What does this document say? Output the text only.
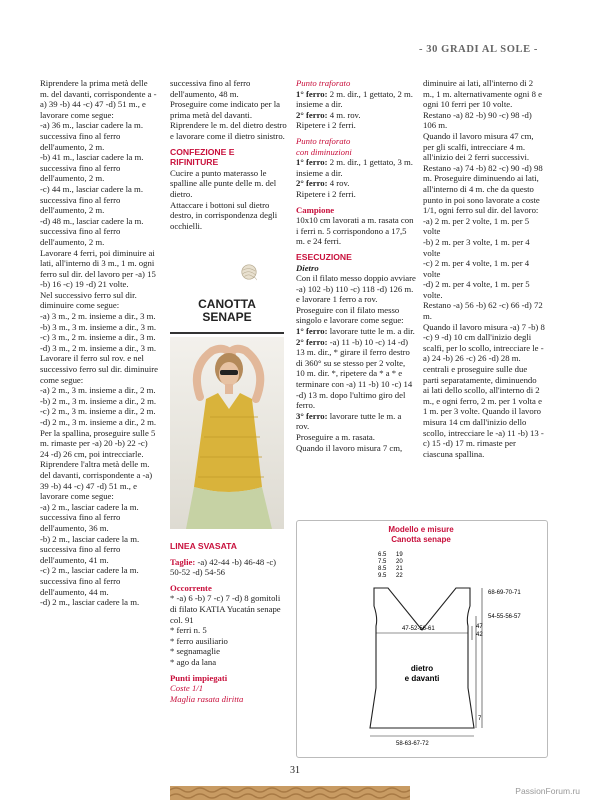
- 30 GRADI AL SOLE -

Riprendere la prima metà delle m. del davanti, corrispondente a -a) 39 -b) 44 -c) 47 -d) 51 m., e lavorare come segue:

-a) 36 m., lasciar cadere la m. successiva fino al ferro dell'aumento, 2 m.

-b) 41 m., lasciar cadere la m. successiva fino al ferro dell'aumento, 2 m.

-c) 44 m., lasciar cadere la m. successiva fino al ferro dell'aumento, 2 m.

-d) 48 m., lasciar cadere la m. successiva fino al ferro dell'aumento, 2 m.

Lavorare 4 ferri, poi diminuire ai lati, all'interno di 3 m., 1 m. ogni ferro sul dir. del lavoro per -a) 15 -b) 16 -c) 19 -d) 21 volte.

Nel successivo ferro sul dir. diminuire come segue:

-a) 3 m., 2 m. insieme a dir., 3 m.

-b) 3 m., 3 m. insieme a dir., 3 m.

-c) 3 m., 2 m. insieme a dir., 3 m.

-d) 3 m., 2 m. insieme a dir., 3 m.

Lavorare il ferro sul rov. e nel successivo ferro sul dir. diminuire come segue:

-a) 2 m., 3 m. insieme a dir., 2 m.

-b) 2 m., 3 m. insieme a dir., 2 m.

-c) 2 m., 3 m. insieme a dir., 2 m.

-d) 2 m., 3 m. insieme a dir., 2 m.

Per la spallina, proseguire sulle 5 m. rimaste per -a) 20 -b) 22 -c) 24 -d) 26 cm, poi intrecciarle.

Riprendere l'altra metà delle m. del davanti, corrispondente a -a) 39 -b) 44 -c) 47 -d) 51 m., e lavorare come segue:

-a) 2 m., lasciar cadere la m. successiva fino al ferro dell'aumento, 36 m.

-b) 2 m., lasciar cadere la m. successiva fino al ferro dell'aumento, 41 m.

-c) 2 m., lasciar cadere la m. successiva fino al ferro dell'aumento, 44 m.

-d) 2 m., lasciar cadere la m.

successiva fino al ferro dell'aumento, 48 m.

Proseguire come indicato per la prima metà del davanti.

Riprendere le m. del dietro destro e lavorare come il dietro sinistro.

CONFEZIONE E RIFINITURE

Cucire a punto materasso le spalline alle punte delle m. del dietro.

Attaccare i bottoni sul dietro destro, in corrispondenza degli occhielli.

CANOTTA
SENAPE
LINEA SVASATA

Taglie: -a) 42-44 -b) 46-48 -c) 50-52 -d) 54-56

Occorrente

* -a) 6 -b) 7 -c) 7 -d) 8 gomitoli di filato KATIA Yucatán senape col. 91

* ferri n. 5

* ferro ausiliario

* segnamaglie

* ago da lana

Punti impiegati
Coste 1/1
Maglia rasata diritta
Punto traforato

1° ferro: 2 m. dir., 1 gettato, 2 m. insieme a dir.

2° ferro: 4 m. rov.

Ripetere i 2 ferri.

Punto traforato
con diminuzioni

1° ferro: 2 m. dir., 1 gettato, 3 m. insieme a dir.

2° ferro: 4 rov.

Ripetere i 2 ferri.

Campione

10x10 cm lavorati a m. rasata con i ferri n. 5 corrispondono a 17,5 m. e 24 ferri.

ESECUZIONE
Dietro

Con il filato messo doppio avviare -a) 102 -b) 110 -c) 118 -d) 126 m. e lavorare 1 ferro a rov. Proseguire con il filato messo singolo e lavorare come segue:

1° ferro: lavorare tutte le m. a dir.

2° ferro: -a) 11 -b) 10 -c) 14 -d) 13 m. dir., * girare il ferro destro di 360° su se stesso per 2 volte, 10 m. dir. *, ripetere da * a * e terminare con -a) 11 -b) 10 -c) 14 -d) 13 m. dopo l'ultimo giro del ferro.

3° ferro: lavorare tutte le m. a rov.

Proseguire a m. rasata.

Quando il lavoro misura 7 cm,

diminuire ai lati, all'interno di 2 m., 1 m. alternativamente ogni 8 e ogni 10 ferri per 10 volte.

Restano -a) 82 -b) 90 -c) 98 -d) 106 m.

Quando il lavoro misura 47 cm, per gli scalfi, intrecciare 4 m. all'inizio dei 2 ferri successivi. Restano -a) 74 -b) 82 -c) 90 -d) 98 m. Proseguire diminuendo ai lati, all'interno di 4 m. che da questo punto in poi sono lavorate a coste 1/1, ogni ferro sul dir. del lavoro:

-a) 2 m. per 2 volte, 1 m. per 5 volte

-b) 2 m. per 3 volte, 1 m. per 4 volte

-c) 2 m. per 4 volte, 1 m. per 4 volte

-d) 2 m. per 4 volte, 1 m. per 5 volte.

Restano -a) 56 -b) 62 -c) 66 -d) 72 m.

Quando il lavoro misura -a) 7 -b) 8 -c) 9 -d) 10 cm dall'inizio degli scalfi, per lo scollo, intrecciare le -a) 24 -b) 26 -c) 26 -d) 28 m. centrali e proseguire sulle due parti separatamente, diminuendo ai lati dello scollo, all'interno di 2 m., e ogni ferro, 2 m. per 1 volta e 1 m. per 3 volte. Quando il lavoro misura 14 cm dall'inizio dello scollo, intrecciare le -a) 11 -b) 13 -c) 15 -d) 17 m. rimaste per ciascuna spallina.

Modello e misure
Canotta senape
6.5
7.5
8.5
9.5
19
20
21
22
68-69-70-71
54-55-56-57
47
42
47-52-56-61
7
58-63-67-72
dietro
e davanti
31
PassionForum.ru
